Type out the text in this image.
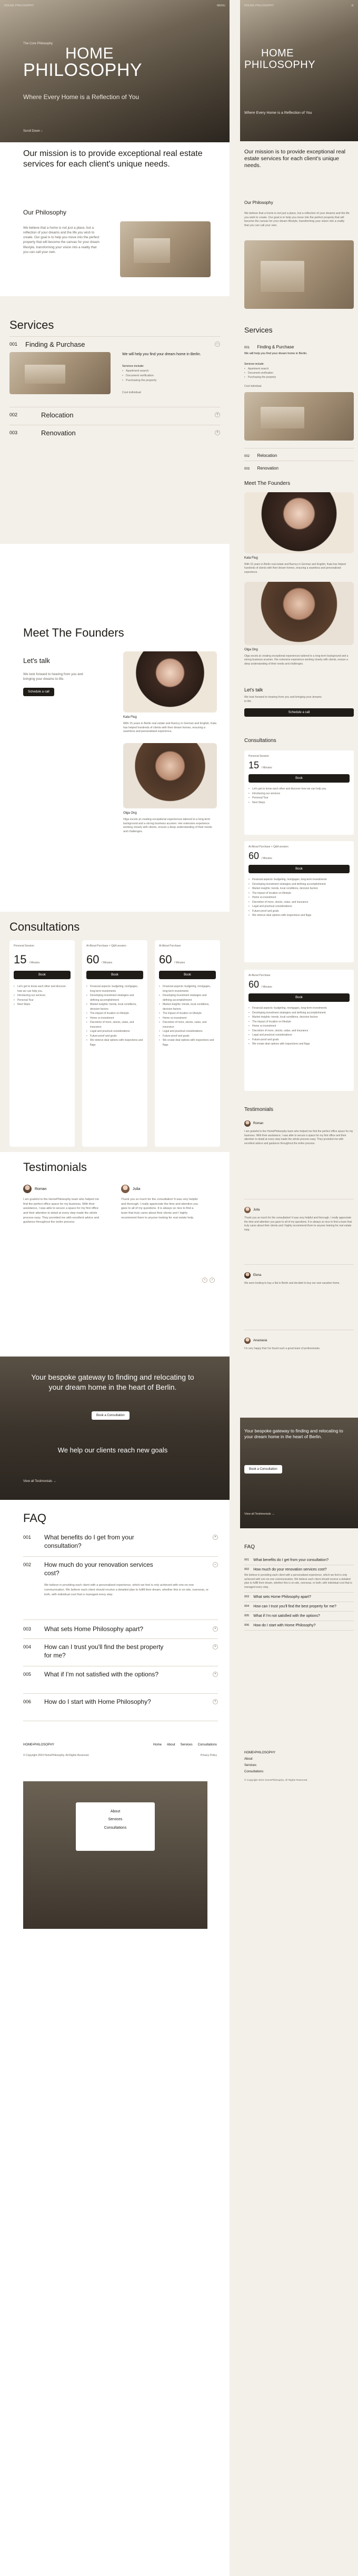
HOUSE PHILOSOPHY	MENU
The Core Philosophy
HOME
PHILOSOPHY
Where Every Home is a Reflection of You
Scroll Down ↓
Our mission is to provide exceptional real estate services for each client's unique needs.
Our Philosophy
We believe that a home is not just a place, but a reflection of your dreams and the life you wish to create. Our goal is to help you move into the perfect property that will become the canvas for your dream lifestyle, transforming your vision into a reality that you can call your own.
Services
001 Finding & Purchase	–
We will help you find your dream home in Berlin.
Services include:
• Apartment search
• Document verification
• Purchasing the property
Cost individual
002	Relocation	+
003	Renovation	+
Meet The Founders
Let's talk
We look forward to hearing from you and bringing your dreams to life.
Schedule a call
Kata Flug
With 15 years in Berlin real estate and fluency in German and English, Kata has helped hundreds of clients with their dream homes, ensuring a seamless and personalised experience.
Olga Ong
Olga excels at creating exceptional experiences tailored to a long-term background and a strong business acumen. Her extensive experience working closely with clients, ensure a deep understanding of their needs and challenges.
Consultations
Personal Session
15 / Minutes
Book
• Let's get to know each other and discover how we can help you.
• Introducing our services
• Personal Tour
• Next Steps
At About Purchase + Q&A session
60 / Minutes
Book
• Financial aspects: budgeting, mortgages, long-term investments
• Developing investment strategies and defining accomplishment
• Market insights: trends, local conditions, decision factors
• The impact of location on lifestyle
• Home vs investment
• Discretion of more, stocks, value, and insurance
• Legal and practical considerations
• Future-proof and goals
• We retrieve deal options with inspections and flags
At About Purchase
60 / Minutes
Book
• Financial aspects: budgeting, mortgages, long-term investments
• Developing investment strategies and defining accomplishment
• Market insights: trends, local conditions, decision factors
• The impact of location on lifestyle
• Home vs investment
• Discretion of more, stocks, value, and insurance
• Legal and practical considerations
• Future-proof and goals
• We create deal options with inspections and flags
Testimonials
Roman
I am grateful to the HomePhilosophy team who helped me find the perfect office space for my business. With their assistance, I was able to secure a space for my first office and their attention to detail at every step made the whole process easy. They provided me with excellent advice and guidance throughout the entire process.
Julia
Thank you so much for the consultation! It was very helpful and thorough. I really appreciate the time and attention you gave to all of my questions. It is always so nice to find a team that truly cares about their clients and I highly recommend them to anyone looking for real estate help.
‹	›
Your bespoke gateway to finding and relocating to your dream home in the heart of Berlin.
Book a Consultation
We help our clients reach new goals
View all Testimonials →
FAQ
001 What benefits do I get from your consultation?
+
002 How much do your renovation services cost?
–
We believe in providing each client with a personalised experience, which we feel is only achieved with one-on-one communication. We believe each client should receive a detailed plan to fulfill their dream, whether this is on-site, overseas, or both, with individual cost that is managed every step.
003 What sets Home Philosophy apart?	+
004 How can I trust you'll find the best property for me?
+
005 What if I'm not satisfied with the options?	+
006 How do I start with Home Philosophy?	+
HOME•PHILOSOPHY	Home About Services Consultations
© Copyright 2024 HomePhilosophy. All Rights Reserved.	Privacy Policy
About
Services
Consultations
HOUSE PHILOSOPHY	☰
HOME
PHILOSOPHY
Where Every Home is a Reflection of You
Our mission is to provide exceptional real estate services for each client's unique needs.
Our Philosophy
We believe that a home is not just a place, but a reflection of your dreams and the life you wish to create. Our goal is to help you move into the perfect property that will become the canvas for your dream lifestyle, transforming your vision into a reality that you can call your own.
Services
001 Finding & Purchase
We will help you find your dream home in Berlin.
Services include:
• Apartment search
• Document verification
• Purchasing the property
Cost individual
002 Relocation
003 Renovation
Meet The Founders
Kata Flug
With 15 years in Berlin real estate and fluency in German and English, Kata has helped hundreds of clients with their dream homes, ensuring a seamless and personalised experience.
Olga Ong
Olga excels at creating exceptional experiences tailored to a long-term background and a strong business acumen. Her extensive experience working closely with clients, ensure a deep understanding of their needs and challenges.
Let's talk
We look forward to hearing from you and bringing your dreams to life.
Schedule a call
Consultations
Personal Session
15 / Minutes
Book
• Let's get to know each other and discover how we can help you.
• Introducing our services
• Personal Tour
• Next Steps
At About Purchase + Q&A session
60 / Minutes
Book
• Financial aspects: budgeting, mortgages, long-term investments
• Developing investment strategies and defining accomplishment
• Market insights: trends, local conditions, decision factors
• The impact of location on lifestyle
• Home vs investment
• Discretion of more, stocks, value, and insurance
• Legal and practical considerations
• Future-proof and goals
• We retrieve deal options with inspections and flags
At About Purchase
60 / Minutes
Book
• Financial aspects: budgeting, mortgages, long-term investments
• Developing investment strategies and defining accomplishment
• Market insights: trends, local conditions, decision factors
• The impact of location on lifestyle
• Home vs investment
• Discretion of more, stocks, value, and insurance
• Legal and practical considerations
• Future-proof and goals
• We create deal options with inspections and flags
Testimonials
Roman
I am grateful to the HomePhilosophy team who helped me find the perfect office space for my business. With their assistance, I was able to secure a space for my first office and their attention to detail at every step made the whole process easy. They provided me with excellent advice and guidance throughout the entire process.
Julia
Thank you so much for the consultation! It was very helpful and thorough. I really appreciate the time and attention you gave to all of my questions. It is always so nice to find a team that truly cares about their clients and I highly recommend them to anyone looking for real estate help.
Elena
We were looking to buy a flat in Berlin and decided to buy our own vacation home.
Anastasia
I'm very happy that I've found such a great team of professionals.
Your bespoke gateway to finding and relocating to your dream home in the heart of Berlin.
Book a Consultation
View all Testimonials →
FAQ
001 What benefits do I get from your consultation?
002 How much do your renovation services cost?
We believe in providing each client with a personalised experience, which we feel is only achieved with one-on-one communication. We believe each client should receive a detailed plan to fulfill their dream, whether this is on-site, overseas, or both, with individual cost that is managed every step.
003 What sets Home Philosophy apart?
004 How can I trust you'll find the best property for me?
005 What if I'm not satisfied with the options?
006 How do I start with Home Philosophy?
HOME•PHILOSOPHY
About
Services
Consultations
© Copyright 2024 HomePhilosophy. All Rights Reserved.
